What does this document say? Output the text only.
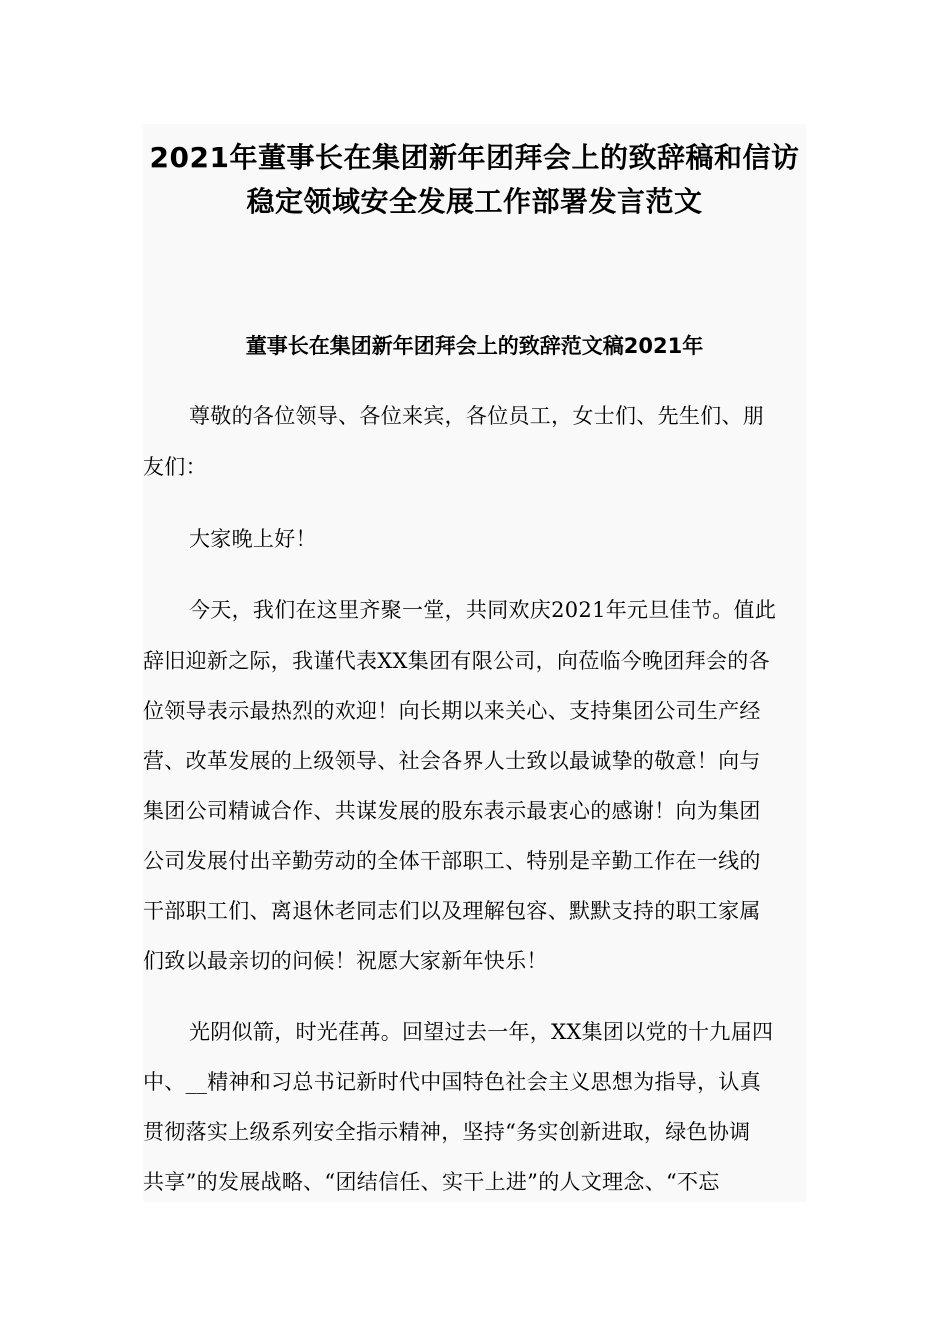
2021年董事长在集团新年团拜会上的致辞稿和信访
稳定领域安全发展工作部署发言范文
董事长在集团新年团拜会上的致辞范文稿2021年
尊敬的各位领导、各位来宾，各位员工，女士们、先生们、朋
友们：
大家晚上好！
今天，我们在这里齐聚一堂，共同欢庆2021年元旦佳节。值此
辞旧迎新之际，我谨代表XX集团有限公司，向莅临今晚团拜会的各
位领导表示最热烈的欢迎！向长期以来关心、支持集团公司生产经
营、改革发展的上级领导、社会各界人士致以最诚挚的敬意！向与
集团公司精诚合作、共谋发展的股东表示最衷心的感谢！向为集团
公司发展付出辛勤劳动的全体干部职工、特别是辛勤工作在一线的
干部职工们、离退休老同志们以及理解包容、默默支持的职工家属
们致以最亲切的问候！祝愿大家新年快乐！
光阴似箭，时光荏苒。回望过去一年，XX集团以党的十九届四
中、__精神和习总书记新时代中国特色社会主义思想为指导，认真
贯彻落实上级系列安全指示精神，坚持“务实创新进取，绿色协调
共享”的发展战略、“团结信任、实干上进”的人文理念、“不忘
